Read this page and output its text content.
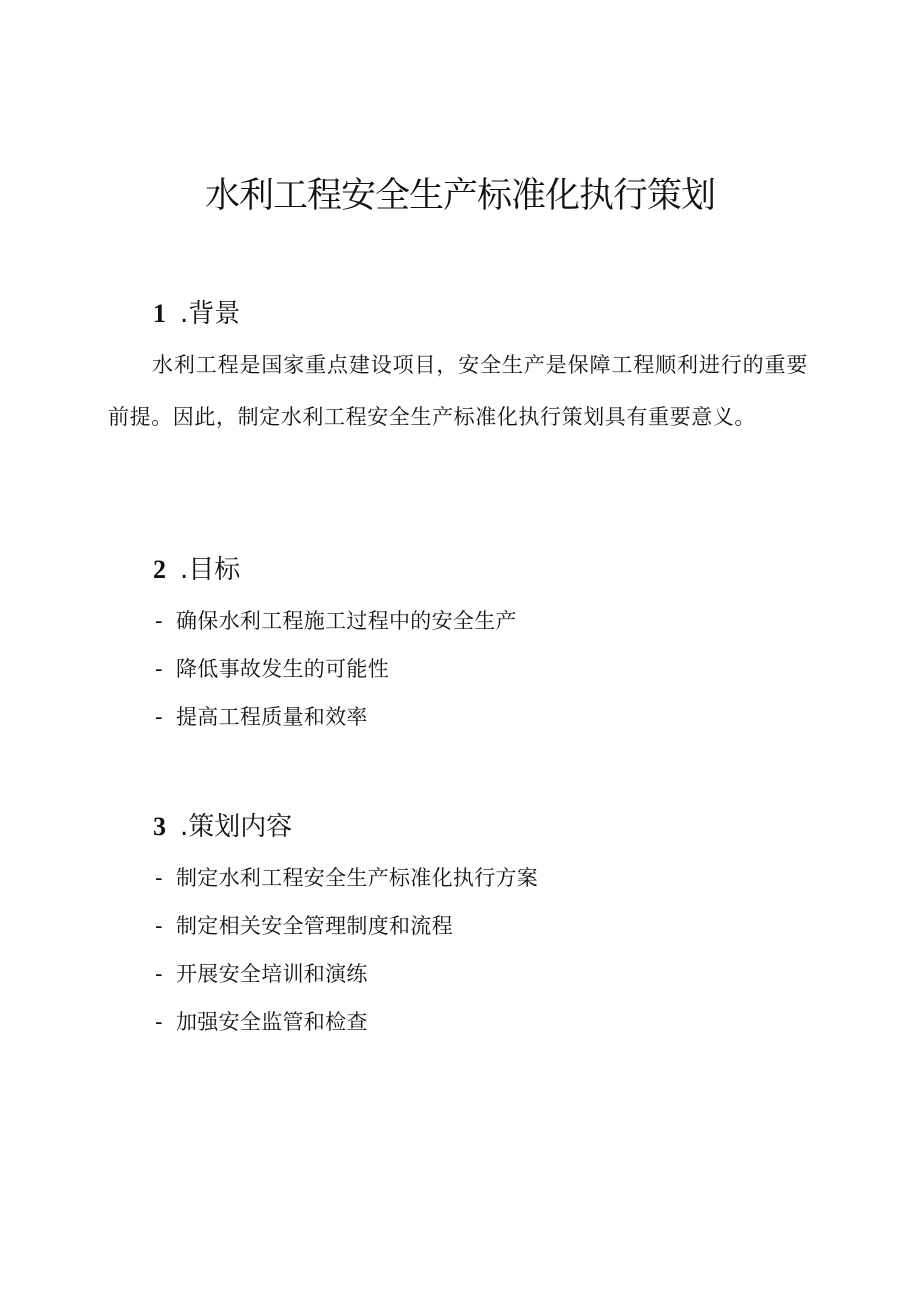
水利工程安全生产标准化执行策划
1 .背景

水利工程是国家重点建设项目，安全生产是保障工程顺利进行的重要前提。因此，制定水利工程安全生产标准化执行策划具有重要意义。

2 .目标
- 确保水利工程施工过程中的安全生产
- 降低事故发生的可能性
- 提高工程质量和效率
3 .策划内容
- 制定水利工程安全生产标准化执行方案
- 制定相关安全管理制度和流程
- 开展安全培训和演练
- 加强安全监管和检查
